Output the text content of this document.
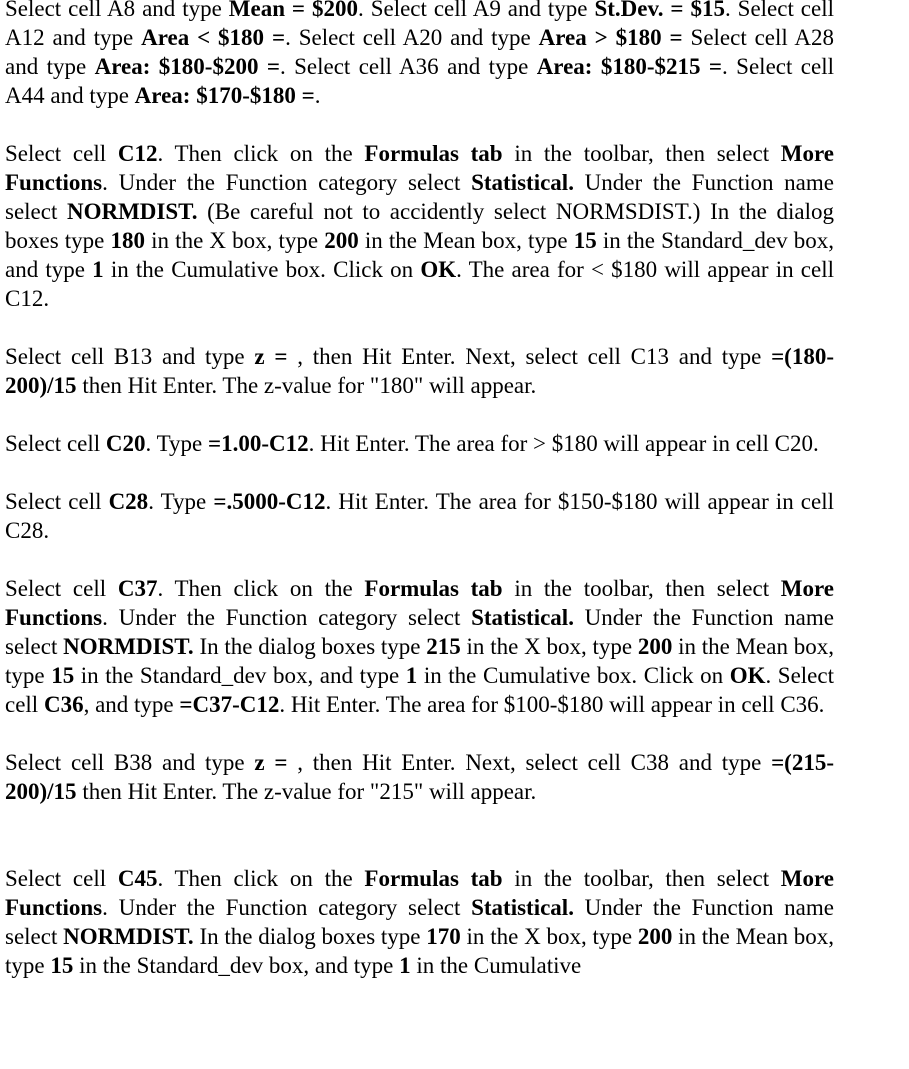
Select cell A8 and type Mean = $200. Select cell A9 and type St.Dev. = $15. Select cell A12 and type Area < $180 =. Select cell A20 and type Area > $180 = Select cell A28 and type Area: $180-$200 =. Select cell A36 and type Area: $180-$215 =. Select cell A44 and type Area: $170-$180 =.

Select cell C12. Then click on the Formulas tab in the toolbar, then select More Functions. Under the Function category select Statistical. Under the Function name select NORMDIST. (Be careful not to accidently select NORMSDIST.) In the dialog boxes type 180 in the X box, type 200 in the Mean box, type 15 in the Standard_dev box, and type 1 in the Cumulative box. Click on OK. The area for < $180 will appear in cell C12.

Select cell B13 and type z = , then Hit Enter. Next, select cell C13 and type =(180-200)/15 then Hit Enter. The z-value for "180" will appear.

Select cell C20. Type =1.00-C12. Hit Enter. The area for > $180 will appear in cell C20.

Select cell C28. Type =.5000-C12. Hit Enter. The area for $150-$180 will appear in cell C28.

Select cell C37. Then click on the Formulas tab in the toolbar, then select More Functions. Under the Function category select Statistical. Under the Function name select NORMDIST. In the dialog boxes type 215 in the X box, type 200 in the Mean box, type 15 in the Standard_dev box, and type 1 in the Cumulative box. Click on OK. Select cell C36, and type =C37-C12. Hit Enter. The area for $100-$180 will appear in cell C36.

Select cell B38 and type z = , then Hit Enter. Next, select cell C38 and type =(215-200)/15 then Hit Enter. The z-value for "215" will appear.

Select cell C45. Then click on the Formulas tab in the toolbar, then select More Functions. Under the Function category select Statistical. Under the Function name select NORMDIST. In the dialog boxes type 170 in the X box, type 200 in the Mean box, type 15 in the Standard_dev box, and type 1 in the Cumulative
